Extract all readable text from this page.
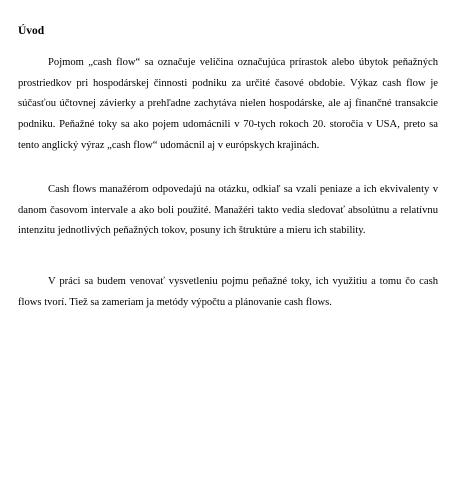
Úvod

Pojmom „cash flow“ sa označuje veličina označujúca prírastok alebo úbytok peňažných prostriedkov pri hospodárskej činnosti podniku za určité časové obdobie. Výkaz cash flow je súčasťou účtovnej závierky a prehľadne zachytáva nielen hospodárske, ale aj finančné transakcie podniku. Peňažné toky sa ako pojem udomácnili v 70-tych rokoch 20. storočia v USA, preto sa tento anglický výraz „cash flow“ udomácnil aj v európskych krajinách.

Cash flows manažérom odpovedajú na otázku, odkiaľ sa vzali peniaze a ich ekvivalenty v danom časovom intervale a ako boli použité. Manažéri takto vedia sledovať absolútnu a relatívnu intenzitu jednotlivých peňažných tokov, posuny ich štruktúre a mieru ich stability.

V práci sa budem venovať vysvetleniu pojmu peňažné toky, ich využitiu a tomu čo cash flows tvorí. Tiež sa zameriam ja metódy výpočtu a plánovanie cash flows.
